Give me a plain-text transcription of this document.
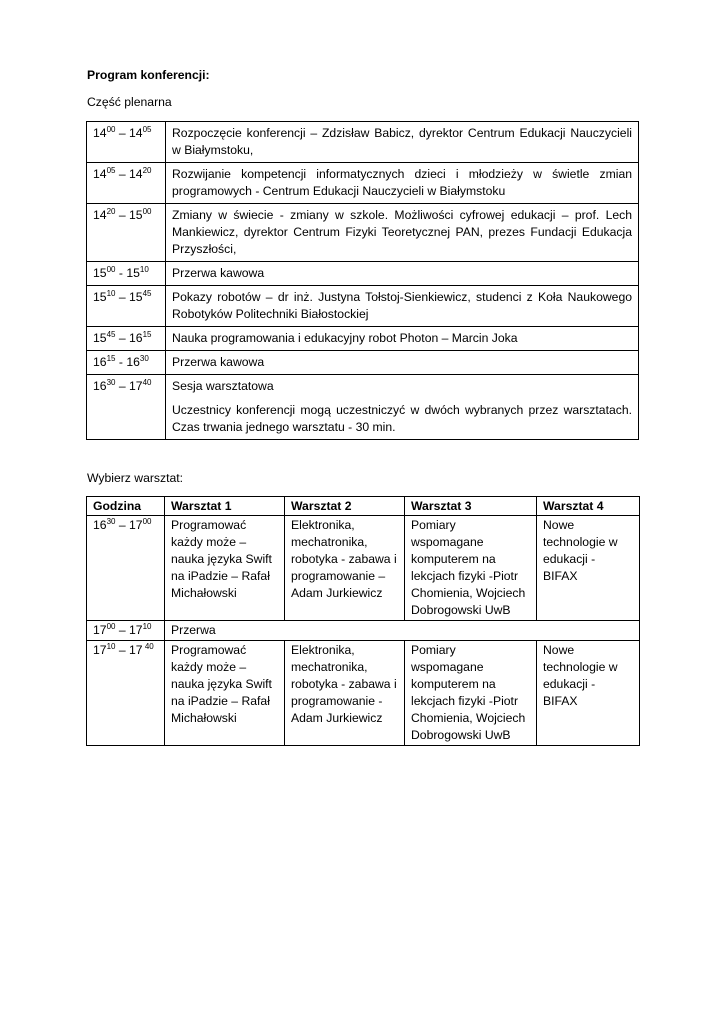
Program konferencji:
Część plenarna
$14^{00} - 14^{05}$	Rozpoczęcie konferencji – Zdzisław Babicz, dyrektor Centrum Edukacji Nauczycieli w Białymstoku,
$14^{05} - 14^{20}$	Rozwijanie kompetencji informatycznych dzieci i młodzieży w świetle zmian programowych - Centrum Edukacji Nauczycieli w Białymstoku
$14^{20} - 15^{00}$	Zmiany w świecie - zmiany w szkole. Możliwości cyfrowej edukacji – prof. Lech Mankiewicz, dyrektor Centrum Fizyki Teoretycznej PAN, prezes Fundacji Edukacja Przyszłości,
$15^{00} - 15^{10}$	Przerwa kawowa
$15^{10} - 15^{45}$	Pokazy robotów – dr inż. Justyna Tołstoj-Sienkiewicz, studenci z Koła Naukowego Robotyków Politechniki Białostockiej
$15^{45} - 16^{15}$	Nauka programowania i edukacyjny robot Photon – Marcin Joka
$16^{15} - 16^{30}$	Przerwa kawowa
$16^{30} - 17^{40}$	Sesja warsztatowa
Uczestnicy konferencji mogą uczestniczyć w dwóch wybranych przez warsztatach. Czas trwania jednego warsztatu - 30 min.
Wybierz warsztat:
Godzina	Warsztat 1	Warsztat 2	Warsztat 3	Warsztat 4
$16^{30} - 17^{00}$	Programować każdy może – nauka języka Swift na iPadzie – Rafał Michałowski	Elektronika, mechatronika, robotyka - zabawa i programowanie – Adam Jurkiewicz	Pomiary wspomagane komputerem na lekcjach fizyki -Piotr Chomienia, Wojciech Dobrogowski UwB	Nowe technologie w edukacji - BIFAX
$17^{00} - 17^{10}$	Przerwa			
$17^{10} - 17$ $^{40}$	Programować każdy może – nauka języka Swift na iPadzie – Rafał Michałowski	Elektronika, mechatronika, robotyka - zabawa i programowanie - Adam Jurkiewicz	Pomiary wspomagane komputerem na lekcjach fizyki -Piotr Chomienia, Wojciech Dobrogowski UwB	Nowe technologie w edukacji - BIFAX
